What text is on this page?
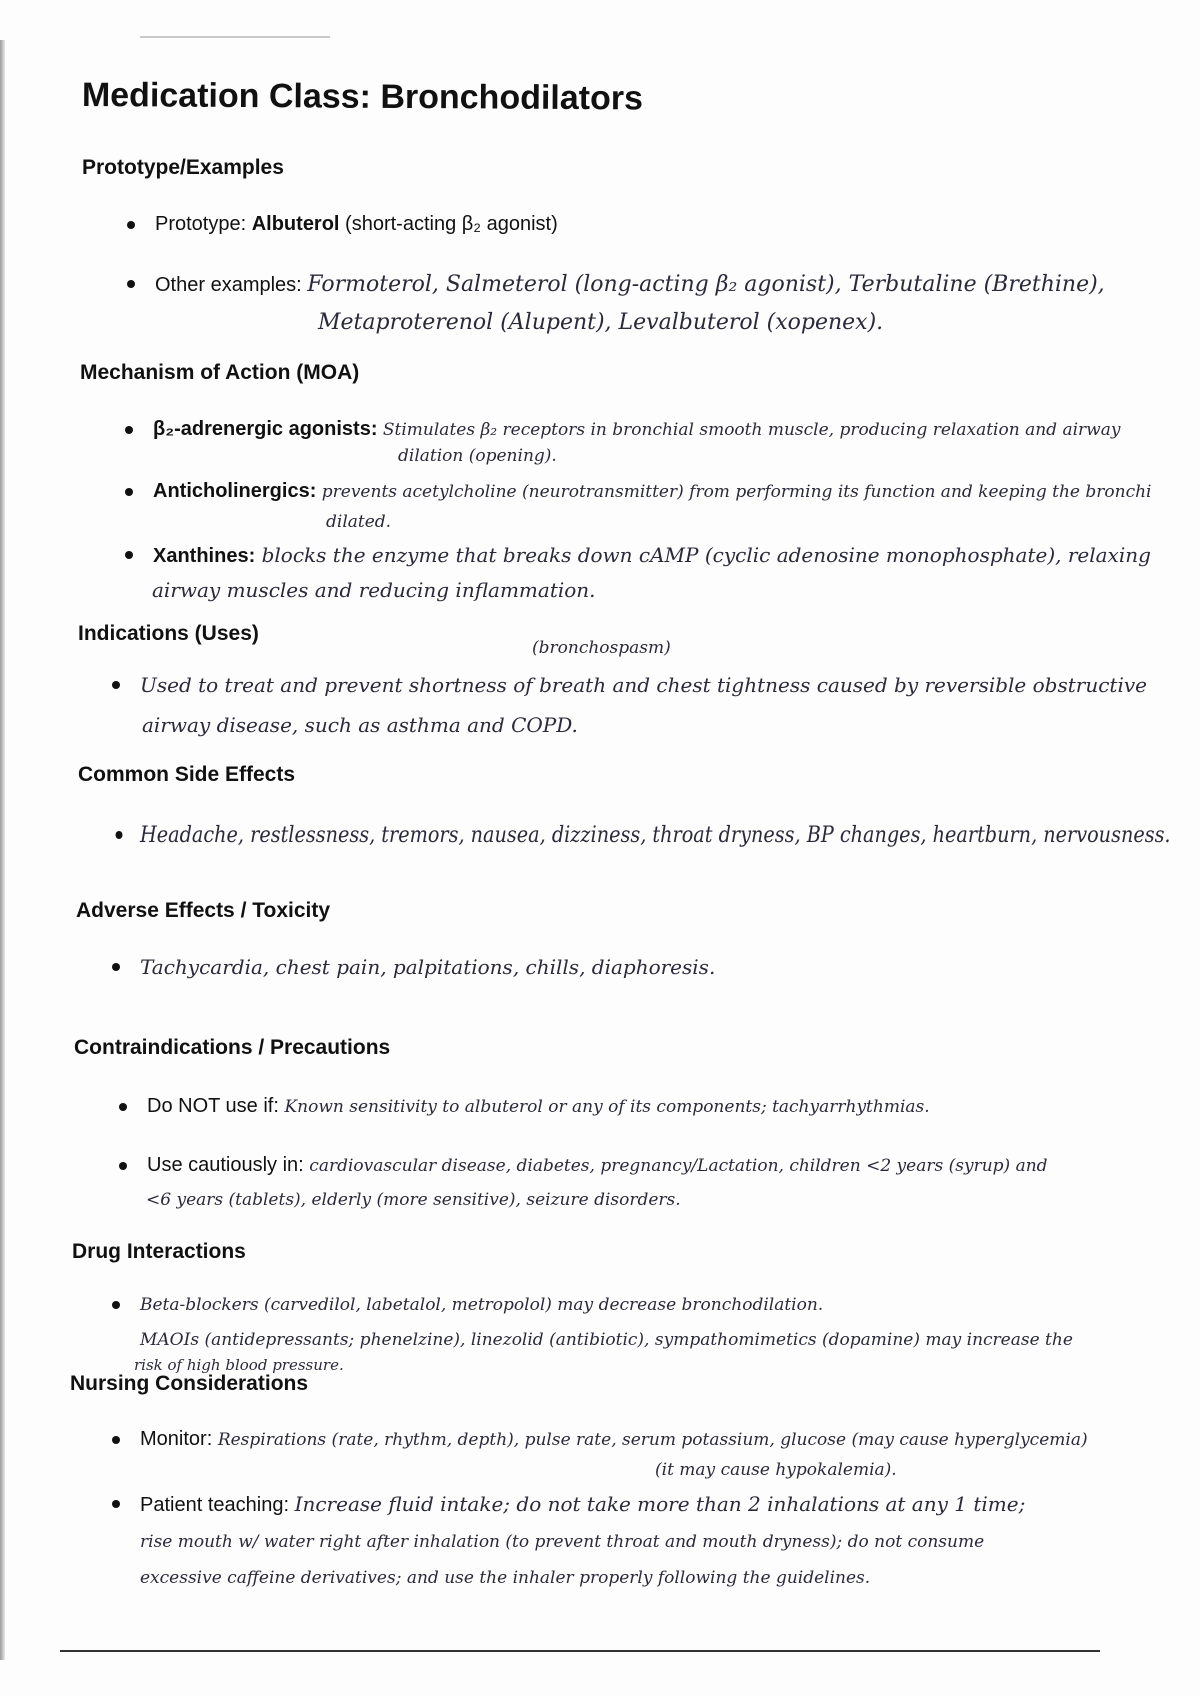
Medication Class: Bronchodilators
Prototype/Examples

Prototype: Albuterol (short-acting β₂ agonist)

Other examples: Formoterol, Salmeterol (long-acting β₂ agonist), Terbutaline (Brethine),

Metaproterenol (Alupent), Levalbuterol (xopenex).

Mechanism of Action (MOA)

β₂-adrenergic agonists: Stimulates β₂ receptors in bronchial smooth muscle, producing relaxation and airway

dilation (opening).

Anticholinergics: prevents acetylcholine (neurotransmitter) from performing its function and keeping the bronchi

dilated.

Xanthines: blocks the enzyme that breaks down cAMP (cyclic adenosine monophosphate), relaxing

airway muscles and reducing inflammation.

Indications (Uses)

(bronchospasm)

Used to treat and prevent shortness of breath and chest tightness caused by reversible obstructive

airway disease, such as asthma and COPD.

Common Side Effects

Headache, restlessness, tremors, nausea, dizziness, throat dryness, BP changes, heartburn, nervousness.

Adverse Effects / Toxicity

Tachycardia, chest pain, palpitations, chills, diaphoresis.

Contraindications / Precautions

Do NOT use if: Known sensitivity to albuterol or any of its components; tachyarrhythmias.

Use cautiously in: cardiovascular disease, diabetes, pregnancy/Lactation, children <2 years (syrup) and

<6 years (tablets), elderly (more sensitive), seizure disorders.

Drug Interactions

Beta-blockers (carvedilol, labetalol, metropolol) may decrease bronchodilation.

MAOIs (antidepressants; phenelzine), linezolid (antibiotic), sympathomimetics (dopamine) may increase the

risk of high blood pressure.

Nursing Considerations

Monitor: Respirations (rate, rhythm, depth), pulse rate, serum potassium, glucose (may cause hyperglycemia)

(it may cause hypokalemia).

Patient teaching: Increase fluid intake; do not take more than 2 inhalations at any 1 time;

rise mouth w/ water right after inhalation (to prevent throat and mouth dryness); do not consume

excessive caffeine derivatives; and use the inhaler properly following the guidelines.
